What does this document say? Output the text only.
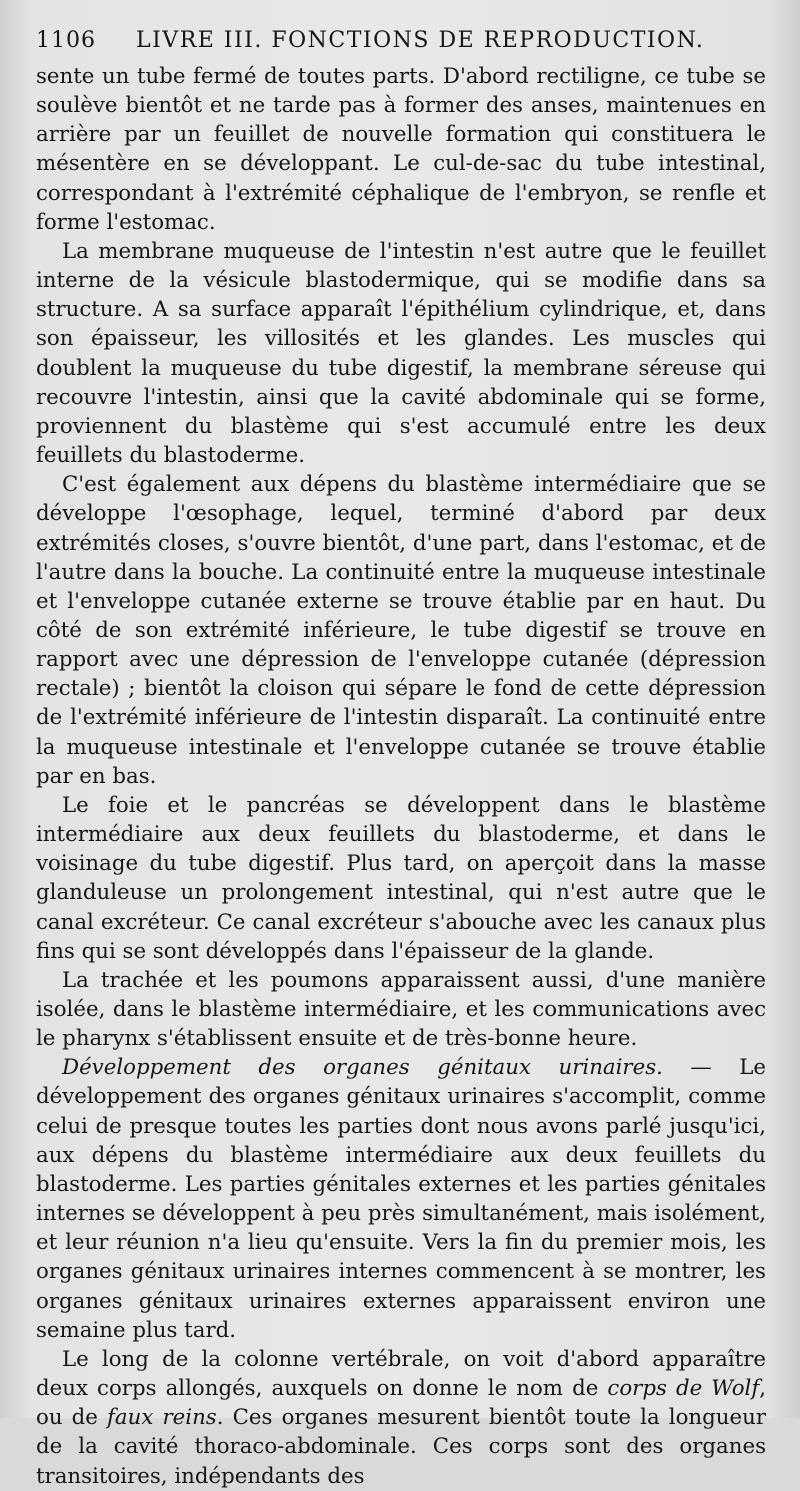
1106	LIVRE III. FONCTIONS DE REPRODUCTION.

sente un tube fermé de toutes parts. D'abord rectiligne, ce tube se soulève bientôt et ne tarde pas à former des anses, maintenues en arrière par un feuillet de nouvelle formation qui constituera le mésentère en se développant. Le cul-de-sac du tube intestinal, correspondant à l'extrémité céphalique de l'embryon, se renfle et forme l'estomac.

La membrane muqueuse de l'intestin n'est autre que le feuillet interne de la vésicule blastodermique, qui se modifie dans sa structure. A sa surface apparaît l'épithélium cylindrique, et, dans son épaisseur, les villosités et les glandes. Les muscles qui doublent la muqueuse du tube digestif, la membrane séreuse qui recouvre l'intestin, ainsi que la cavité abdominale qui se forme, proviennent du blastème qui s'est accumulé entre les deux feuillets du blastoderme.

C'est également aux dépens du blastème intermédiaire que se développe l'œsophage, lequel, terminé d'abord par deux extrémités closes, s'ouvre bientôt, d'une part, dans l'estomac, et de l'autre dans la bouche. La continuité entre la muqueuse intestinale et l'enveloppe cutanée externe se trouve établie par en haut. Du côté de son extrémité inférieure, le tube digestif se trouve en rapport avec une dépression de l'enveloppe cutanée (dépression rectale) ; bientôt la cloison qui sépare le fond de cette dépression de l'extrémité inférieure de l'intestin disparaît. La continuité entre la muqueuse intestinale et l'enveloppe cutanée se trouve établie par en bas.

Le foie et le pancréas se développent dans le blastème intermédiaire aux deux feuillets du blastoderme, et dans le voisinage du tube digestif. Plus tard, on aperçoit dans la masse glanduleuse un prolongement intestinal, qui n'est autre que le canal excréteur. Ce canal excréteur s'abouche avec les canaux plus fins qui se sont développés dans l'épaisseur de la glande.

La trachée et les poumons apparaissent aussi, d'une manière isolée, dans le blastème intermédiaire, et les communications avec le pharynx s'établissent ensuite et de très-bonne heure.

Développement des organes génitaux urinaires. — Le développement des organes génitaux urinaires s'accomplit, comme celui de presque toutes les parties dont nous avons parlé jusqu'ici, aux dépens du blastème intermédiaire aux deux feuillets du blastoderme. Les parties génitales externes et les parties génitales internes se développent à peu près simultanément, mais isolément, et leur réunion n'a lieu qu'ensuite. Vers la fin du premier mois, les organes génitaux urinaires internes commencent à se montrer, les organes génitaux urinaires externes apparaissent environ une semaine plus tard.

Le long de la colonne vertébrale, on voit d'abord apparaître deux corps allongés, auxquels on donne le nom de corps de Wolf, ou de faux reins. Ces organes mesurent bientôt toute la longueur de la cavité thoraco-abdominale. Ces corps sont des organes transitoires, indépendants des
